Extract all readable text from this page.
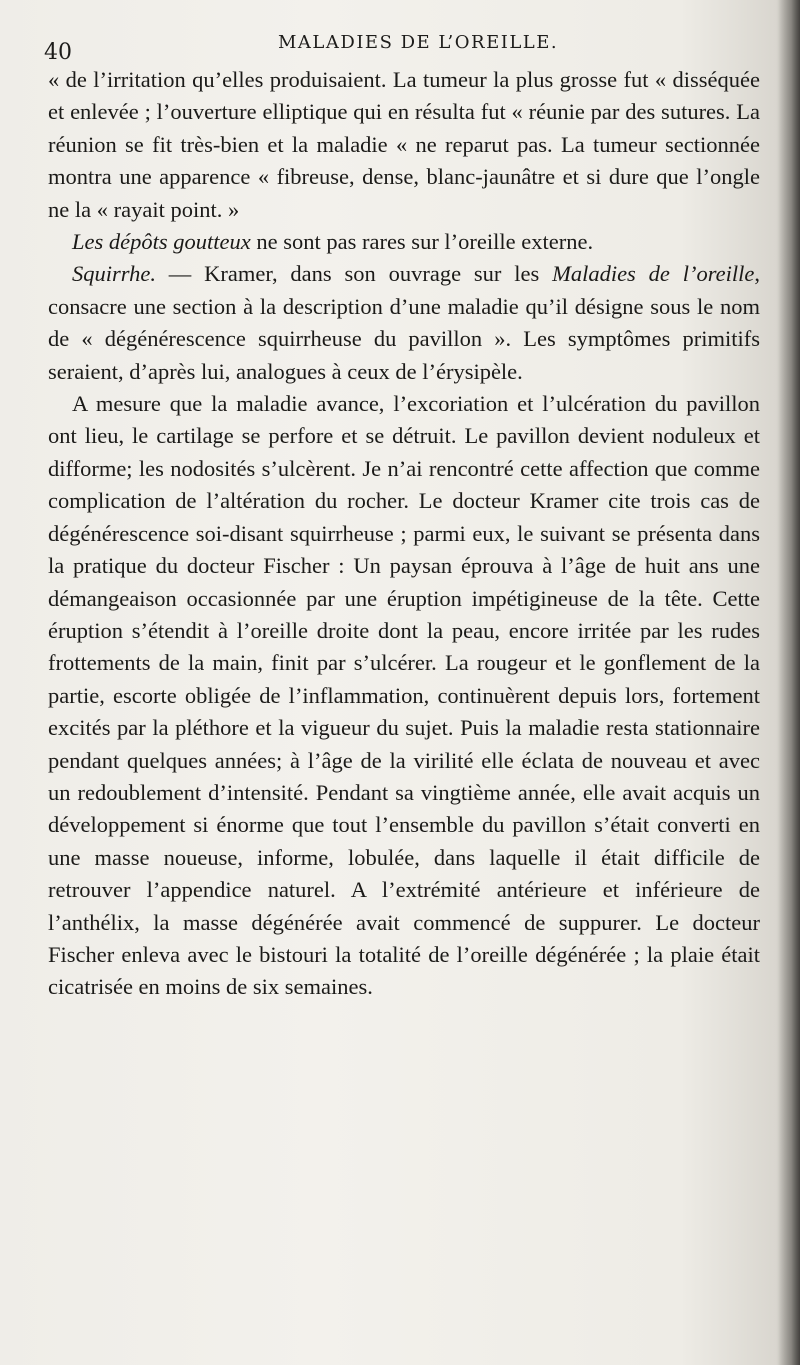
40	MALADIES DE L’OREILLE.

« de l’irritation qu’elles produisaient. La tumeur la plus grosse fut « disséquée et enlevée ; l’ouverture elliptique qui en résulta fut « réunie par des sutures. La réunion se fit très-bien et la maladie « ne reparut pas. La tumeur sectionnée montra une apparence « fibreuse, dense, blanc-jaunâtre et si dure que l’ongle ne la « rayait point. »

Les dépôts goutteux ne sont pas rares sur l’oreille externe.

Squirrhe. — Kramer, dans son ouvrage sur les Maladies de l’oreille, consacre une section à la description d’une maladie qu’il désigne sous le nom de « dégénérescence squirrheuse du pavillon ». Les symptômes primitifs seraient, d’après lui, analogues à ceux de l’érysipèle.

A mesure que la maladie avance, l’excoriation et l’ulcération du pavillon ont lieu, le cartilage se perfore et se détruit. Le pavillon devient noduleux et difforme; les nodosités s’ulcèrent. Je n’ai rencontré cette affection que comme complication de l’altération du rocher. Le docteur Kramer cite trois cas de dégénérescence soi-disant squirrheuse ; parmi eux, le suivant se présenta dans la pratique du docteur Fischer : Un paysan éprouva à l’âge de huit ans une démangeaison occasionnée par une éruption impétigineuse de la tête. Cette éruption s’étendit à l’oreille droite dont la peau, encore irritée par les rudes frottements de la main, finit par s’ulcérer. La rougeur et le gonflement de la partie, escorte obligée de l’inflammation, continuèrent depuis lors, fortement excités par la pléthore et la vigueur du sujet. Puis la maladie resta stationnaire pendant quelques années; à l’âge de la virilité elle éclata de nouveau et avec un redoublement d’intensité. Pendant sa vingtième année, elle avait acquis un développement si énorme que tout l’ensemble du pavillon s’était converti en une masse noueuse, informe, lobulée, dans laquelle il était difficile de retrouver l’appendice naturel. A l’extrémité antérieure et inférieure de l’anthélix, la masse dégénérée avait commencé de suppurer. Le docteur Fischer enleva avec le bistouri la totalité de l’oreille dégénérée ; la plaie était cicatrisée en moins de six semaines.
